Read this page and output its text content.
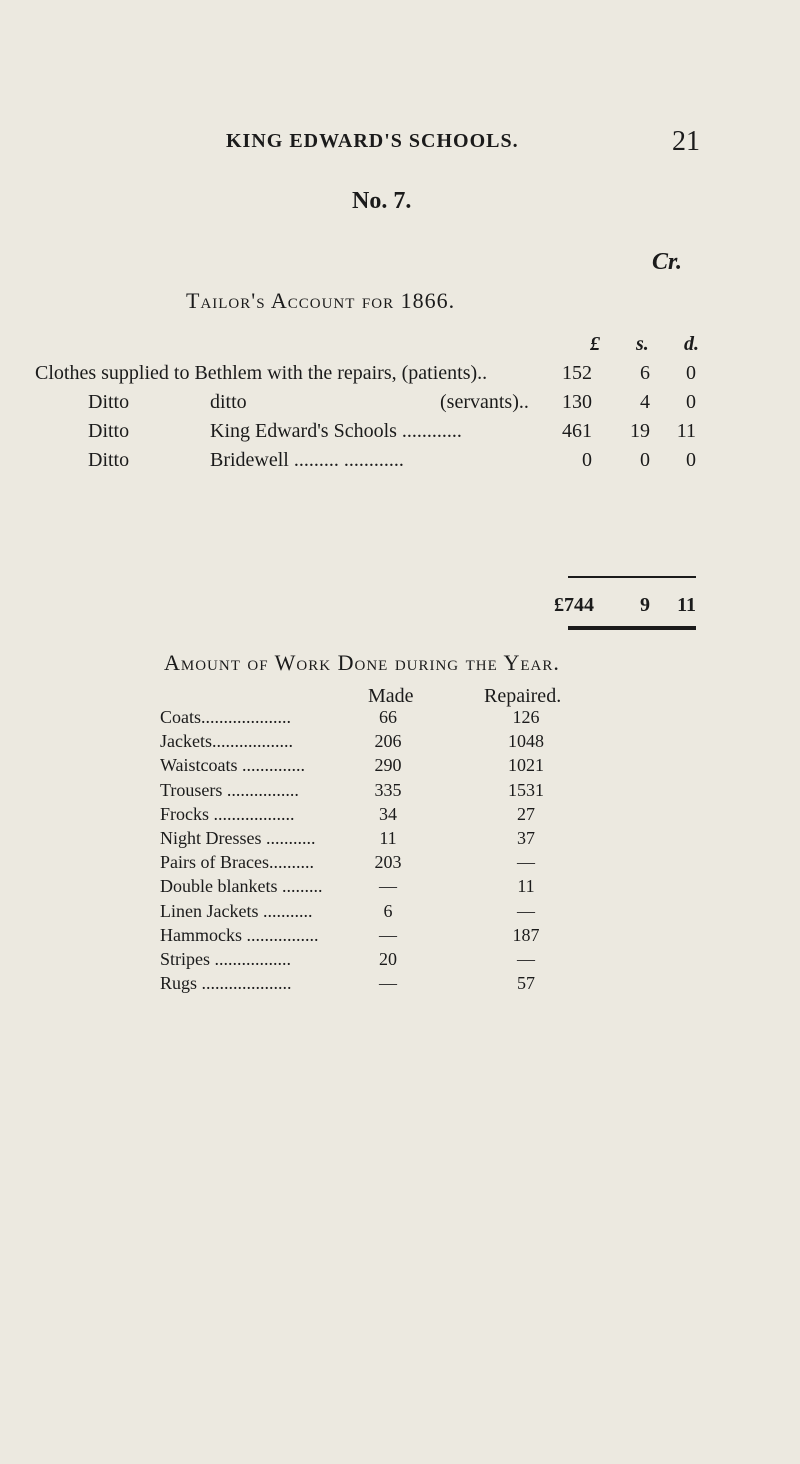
KING EDWARD'S SCHOOLS.	21
No. 7.
Cr.
Tailor's Account for 1866.
£ s. d.
Clothes supplied to Bethlem with the repairs, (patients)..	152	6	0
Ditto	ditto	(servants)..	130	4	0
Ditto	King Edward's Schools ............	461	19	11
Ditto	Bridewell ......... ............	0	0	0
£744	9	11
Amount of Work Done during the Year.
Made	Repaired.
Coats....................	66	126
Jackets..................	206	1048
Waistcoats ..............	290	1021
Trousers ................	335	1531
Frocks ..................	34	27
Night Dresses ...........	11	37
Pairs of Braces..........	203	—
Double blankets .........	—	11
Linen Jackets ...........	6	—
Hammocks ................	—	187
Stripes .................	20	—
Rugs ....................	—	57
